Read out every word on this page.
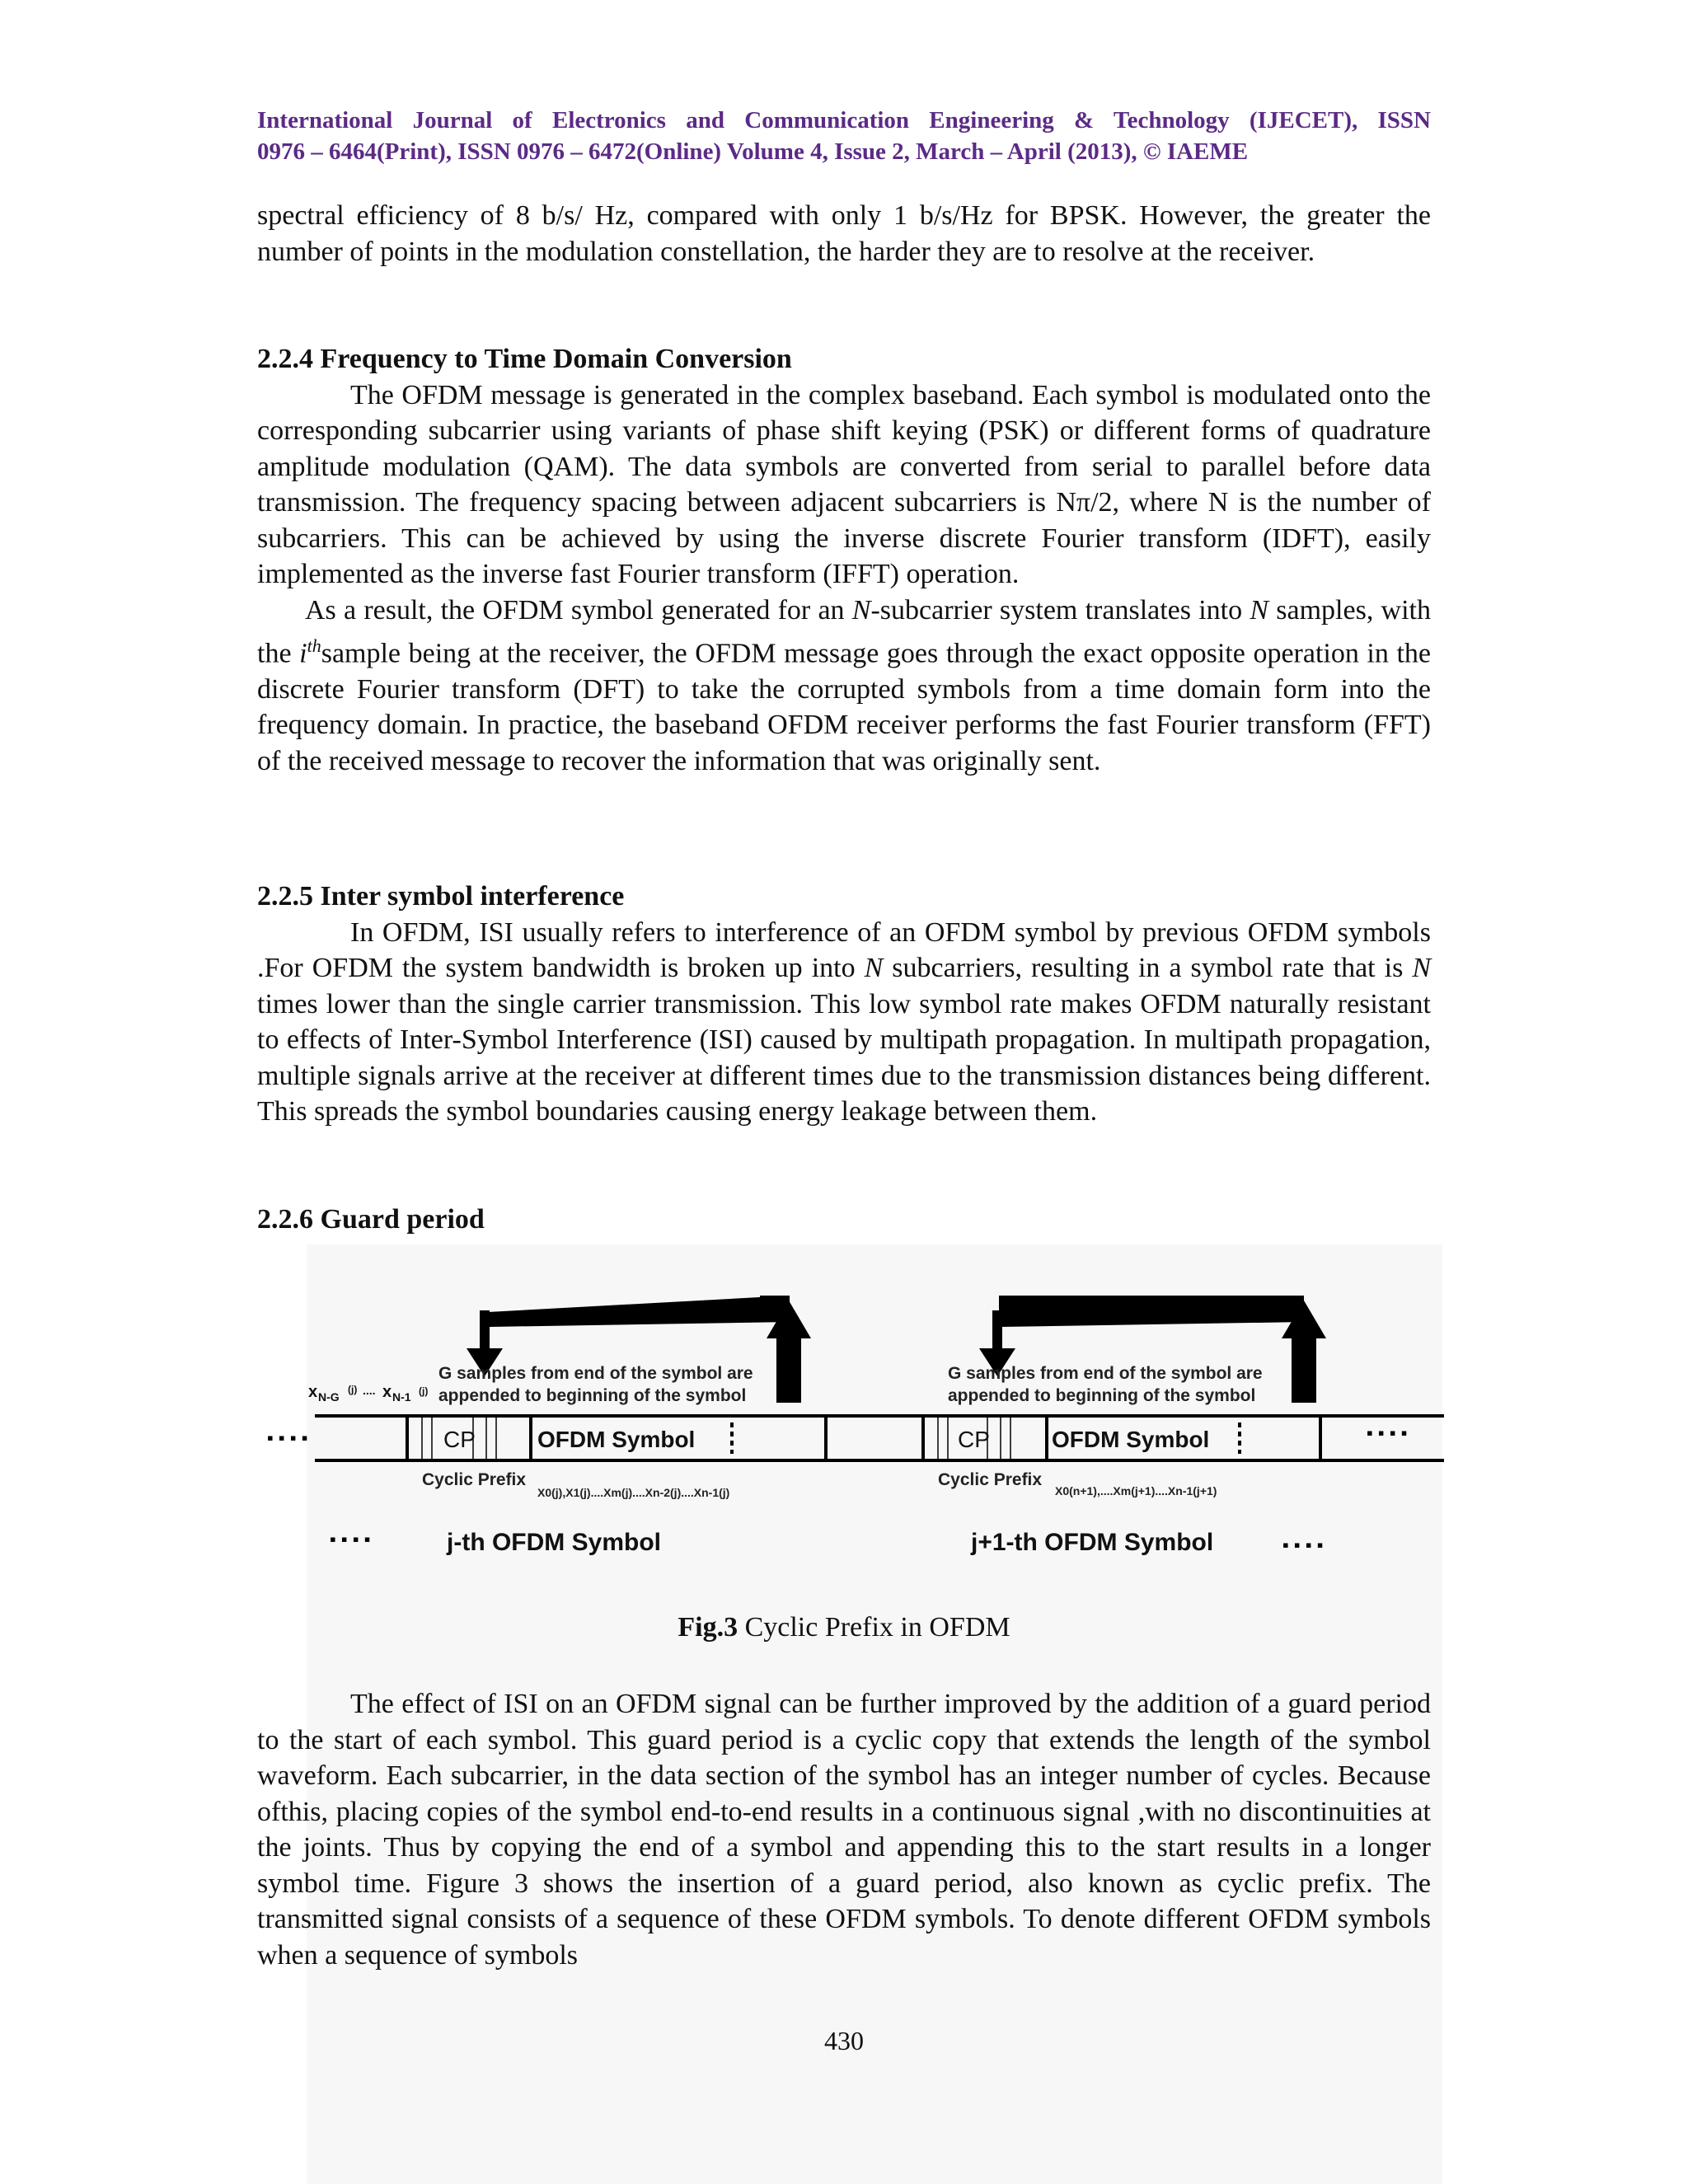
International Journal of Electronics and Communication Engineering & Technology (IJECET), ISSN
0976 – 6464(Print), ISSN 0976 – 6472(Online) Volume 4, Issue 2, March – April (2013), © IAEME

spectral efficiency of 8 b/s/ Hz, compared with only 1 b/s/Hz for BPSK. However, the greater the number of points in the modulation constellation, the harder they are to resolve at the receiver.

2.2.4 Frequency to Time Domain Conversion

The OFDM message is generated in the complex baseband. Each symbol is modulated onto the corresponding subcarrier using variants of phase shift keying (PSK) or different forms of quadrature amplitude modulation (QAM). The data symbols are converted from serial to parallel before data transmission. The frequency spacing between adjacent subcarriers is Nπ/2, where N is the number of subcarriers. This can be achieved by using the inverse discrete Fourier transform (IDFT), easily implemented as the inverse fast Fourier transform (IFFT) operation.

As a result, the OFDM symbol generated for an N-subcarrier system translates into N samples, with the $i^{th}sample$ being at the receiver, the OFDM message goes through the exact opposite operation in the discrete Fourier transform (DFT) to take the corrupted symbols from a time domain form into the frequency domain. In practice, the baseband OFDM receiver performs the fast Fourier transform (FFT) of the received message to recover the information that was originally sent.

2.2.5 Inter symbol interference

In OFDM, ISI usually refers to interference of an OFDM symbol by previous OFDM symbols .For OFDM the system bandwidth is broken up into N subcarriers, resulting in a symbol rate that is N times lower than the single carrier transmission. This low symbol rate makes OFDM naturally resistant to effects of Inter-Symbol Interference (ISI) caused by multipath propagation. In multipath propagation, multiple signals arrive at the receiver at different times due to the transmission distances being different. This spreads the symbol boundaries causing energy leakage between them.

2.2.6 Guard period

Fig.3 Cyclic Prefix in OFDM

The effect of ISI on an OFDM signal can be further improved by the addition of a guard period to the start of each symbol. This guard period is a cyclic copy that extends the length of the symbol waveform. Each subcarrier, in the data section of the symbol has an integer number of cycles. Because ofthis, placing copies of the symbol end-to-end results in a continuous signal ,with no discontinuities at the joints. Thus by copying the end of a symbol and appending this to the start results in a longer symbol time. Figure 3 shows the insertion of a guard period, also known as cyclic prefix. The transmitted signal consists of a sequence of these OFDM symbols. To denote different OFDM symbols when a sequence of symbols

430
G samples from end of the symbol are
appended to beginning of the symbol
G samples from end of the symbol are
appended to beginning of the symbol
x N-G
(j) .... x N-1 (j)
CP	OFDM Symbol	CP	OFDM Symbol
▪ ▪ ▪ ▪	▪ ▪ ▪ ▪
Cyclic Prefix	Cyclic Prefix
X0(j),X1(j)....Xm(j)....Xn-2(j)....Xn-1(j)	X0(n+1),....Xm(j+1)....Xn-1(j+1)
▪ ▪ ▪ ▪	j-th OFDM Symbol	j+1-th OFDM Symbol	▪ ▪ ▪ ▪
